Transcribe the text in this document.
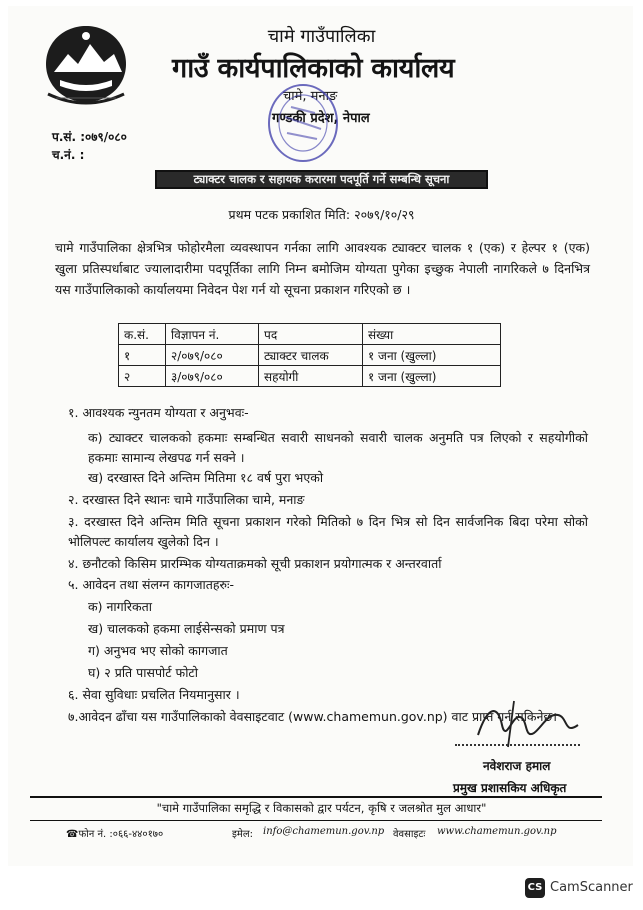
चामे गाउँपालिका
गाउँ कार्यपालिकाको कार्यालय
चामे, मनाङ
गण्डकी प्रदेश, नेपाल
प.सं. :०७९/०८०
च.नं. :
ट्याक्टर चालक र सहायक करारमा पदपूर्ति गर्ने सम्बन्धि सूचना
प्रथम पटक प्रकाशित मिति: २०७९/१०/२९
चामे गाउँपालिका क्षेत्रभित्र फोहोरमैला व्यवस्थापन गर्नका लागि आवश्यक ट्याक्टर चालक १ (एक) र हेल्पर १ (एक) खुला प्रतिस्पर्धाबाट ज्यालादारीमा पदपूर्तिका लागि निम्न बमोजिम योग्यता पुगेका इच्छुक नेपाली नागरिकले ७ दिनभित्र यस गाउँपालिकाको कार्यालयमा निवेदन पेश गर्न यो सूचना प्रकाशन गरिएको छ ।
क.सं.	विज्ञापन नं.	पद	संख्या
१	२/०७९/०८०	ट्याक्टर चालक	१ जना (खुल्ला)
२	३/०७९/०८०	सहयोगी	१ जना (खुल्ला)
१. आवश्यक न्युनतम योग्यता र अनुभवः-
क) ट्याक्टर चालकको हकमाः सम्बन्धित सवारी साधनको सवारी चालक अनुमति पत्र लिएको र सहयोगीको हकमाः सामान्य लेखपढ गर्न सक्ने ।
ख) दरखास्त दिने अन्तिम मितिमा १८ वर्ष पुरा भएको
२. दरखास्त दिने स्थानः चामे गाउँपालिका चामे, मनाङ
३. दरखास्त दिने अन्तिम मिति सूचना प्रकाशन गरेको मितिको ७ दिन भित्र सो दिन सार्वजनिक बिदा परेमा सोको भोलिपल्ट कार्यालय खुलेको दिन ।
४. छनौटको किसिम प्रारम्भिक योग्यताक्रमको सूची प्रकाशन प्रयोगात्मक र अन्तरवार्ता
५. आवेदन तथा संलग्न कागजातहरुः-
क) नागरिकता
ख) चालकको हकमा लाईसेन्सको प्रमाण पत्र
ग) अनुभव भए सोको कागजात
घ) २ प्रति पासपोर्ट फोटो
६. सेवा सुविधाः प्रचलित नियमानुसार ।
७.आवेदन ढाँचा यस गाउँपालिकाको वेवसाइटवाट (www.chamemun.gov.np) वाट प्राप्त गर्न सकिनेछ।
नवेशराज हमाल
प्रमुख प्रशासकिय अधिकृत
"चामे गाउँपालिका समृद्धि र विकासको द्वार पर्यटन, कृषि र जलश्रोत मुल आधार"
☎फोन नं. :०६६-४४०१७०	इमेल: info@chamemun.gov.np वेवसाइटः www.chamemun.gov.np
CS CamScanner
